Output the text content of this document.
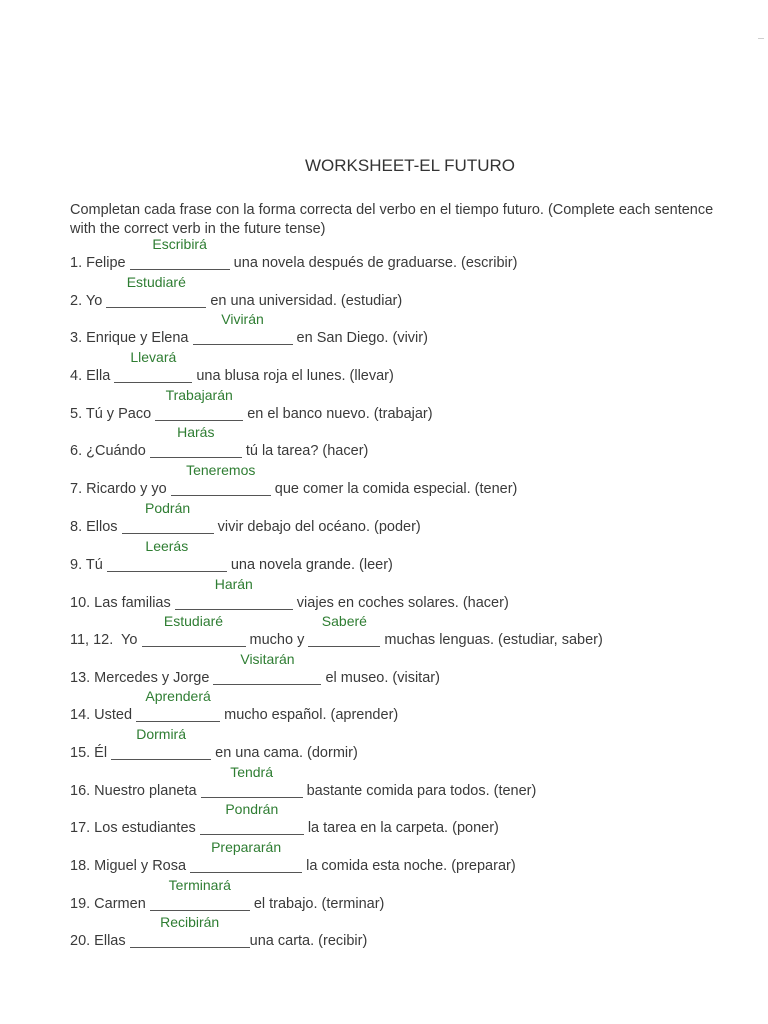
WORKSHEET-EL FUTURO
Completan cada frase con la forma correcta del verbo en el tiempo futuro. (Complete each sentence with the correct verb in the future tense)
1. Felipe
Escribirá
una novela después de graduarse. (escribir)
2. Yo
Estudiaré
en una universidad. (estudiar)
3. Enrique y Elena
Vivirán
en San Diego. (vivir)
4. Ella
Llevará
una blusa roja el lunes. (llevar)
5. Tú y Paco
Trabajarán
en el banco nuevo. (trabajar)
6. ¿Cuándo
Harás
tú la tarea? (hacer)
7. Ricardo y yo
Teneremos
que comer la comida especial. (tener)
8. Ellos
Podrán
vivir debajo del océano. (poder)
9. Tú
Leerás
una novela grande. (leer)
10. Las familias
Harán
viajes en coches solares. (hacer)
11, 12.  Yo
Estudiaré
mucho y
Saberé
muchas lenguas. (estudiar, saber)
13. Mercedes y Jorge
Visitarán
el museo. (visitar)
14. Usted
Aprenderá
mucho español. (aprender)
15. Él
Dormirá
en una cama. (dormir)
16. Nuestro planeta
Tendrá
bastante comida para todos. (tener)
17. Los estudiantes
Pondrán
la tarea en la carpeta. (poner)
18. Miguel y Rosa
Prepararán
la comida esta noche. (preparar)
19. Carmen
Terminará
el trabajo. (terminar)
20. Ellas
Recibirán
una carta. (recibir)
